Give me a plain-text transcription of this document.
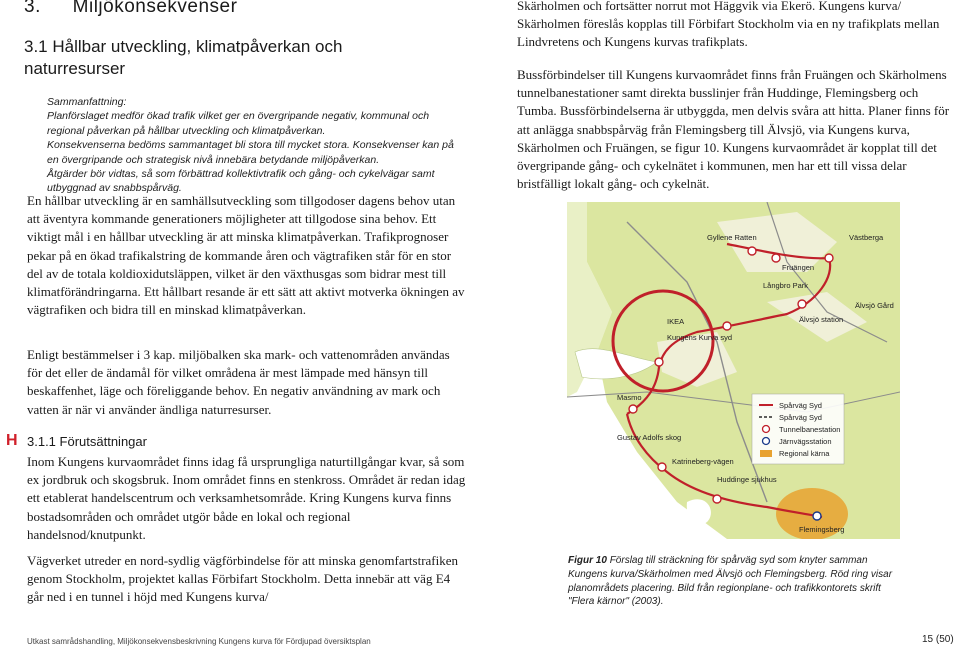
3. Miljökonsekvenser
3.1 Hållbar utveckling, klimatpåverkan och naturresurser

Sammanfattning:

Planförslaget medför ökad trafik vilket ger en övergripande negativ, kommunal och regional påverkan på hållbar utveckling och klimatpåverkan.

Konsekvenserna bedöms sammantaget bli stora till mycket stora. Konsekvenser kan på en övergripande och strategisk nivå innebära betydande miljöpåverkan.

Åtgärder bör vidtas, så som förbättrad kollektivtrafik och gång- och cykelvägar samt utbyggnad av snabbspårväg.

En hållbar utveckling är en samhällsutveckling som tillgodoser dagens behov utan att äventyra kommande generationers möjligheter att tillgodose sina behov. Ett viktigt mål i en hållbar utveckling är att minska klimatpåverkan. Trafikprognoser pekar på en ökad trafikalstring de kommande åren och vägtrafiken står för en stor del av de totala koldioxidutsläppen, vilket är den växthusgas som bidrar mest till klimatförändringarna. Ett hållbart resande är ett sätt att aktivt motverka ökningen av vägtrafiken och bidra till en minskad klimatpåverkan.

Enligt bestämmelser i 3 kap. miljöbalken ska mark- och vattenområden användas för det eller de ändamål för vilket områdena är mest lämpade med hänsyn till beskaffenhet, läge och föreliggande behov. En negativ användning av mark och vatten är när vi använder ändliga naturresurser.

H 3.1.1 Förutsättningar

Inom Kungens kurvaområdet finns idag få ursprungliga naturtillgångar kvar, så som ex jordbruk och skogsbruk. Inom området finns en stenkross. Området är redan idag ett etablerat handelscentrum och verksamhetsområde. Kring Kungens kurva finns bostadsområden och området utgör både en lokal och regional handelsnod/knutpunkt.

Vägverket utreder en nord-sydlig vägförbindelse för att minska genomfartstrafiken genom Stockholm, projektet kallas Förbifart Stockholm. Detta innebär att väg E4 går ned i en tunnel i höjd med Kungens kurva/

Skärholmen och fortsätter norrut mot Häggvik via Ekerö. Kungens kurva/ Skärholmen föreslås kopplas till Förbifart Stockholm via en ny trafikplats mellan Lindvretens och Kungens kurvas trafikplats.

Bussförbindelser till Kungens kurvaområdet finns från Fruängen och Skärholmens tunnelbanestationer samt direkta busslinjer från Huddinge, Flemingsberg och Tumba. Bussförbindelserna är utbyggda, men delvis svåra att hitta. Planer finns för att anlägga snabbspårväg från Flemingsberg till Älvsjö, via Kungens kurva, Skärholmen och Fruängen, se figur 10. Kungens kurvaområdet är kopplat till det övergripande gång- och cykelnätet i kommunen, men har ett till vissa delar bristfälligt lokalt gång- och cykelnät.

Gyllene Ratten
Fruängen
Västberga
Långbro Park
Älvsjö Gård
Älvsjö station
IKEA
Kungens Kurva syd
Masmo
Gustav Adolfs skog
Katrineberg-vägen
Huddinge sjukhus
Flemingsberg
Spårväg Syd
Spårväg Syd
Tunnelbanestation
Järnvägsstation
Regional kärna
Figur 10 Förslag till sträckning för spårväg syd som knyter samman Kungens kurva/Skärholmen med Älvsjö och Flemingsberg. Röd ring visar planområdets placering. Bild från regionplane- och trafikkontorets skrift "Flera kärnor" (2003).
Utkast samrådshandling, Miljökonsekvensbeskrivning Kungens kurva för Fördjupad översiktsplan	15 (50)
